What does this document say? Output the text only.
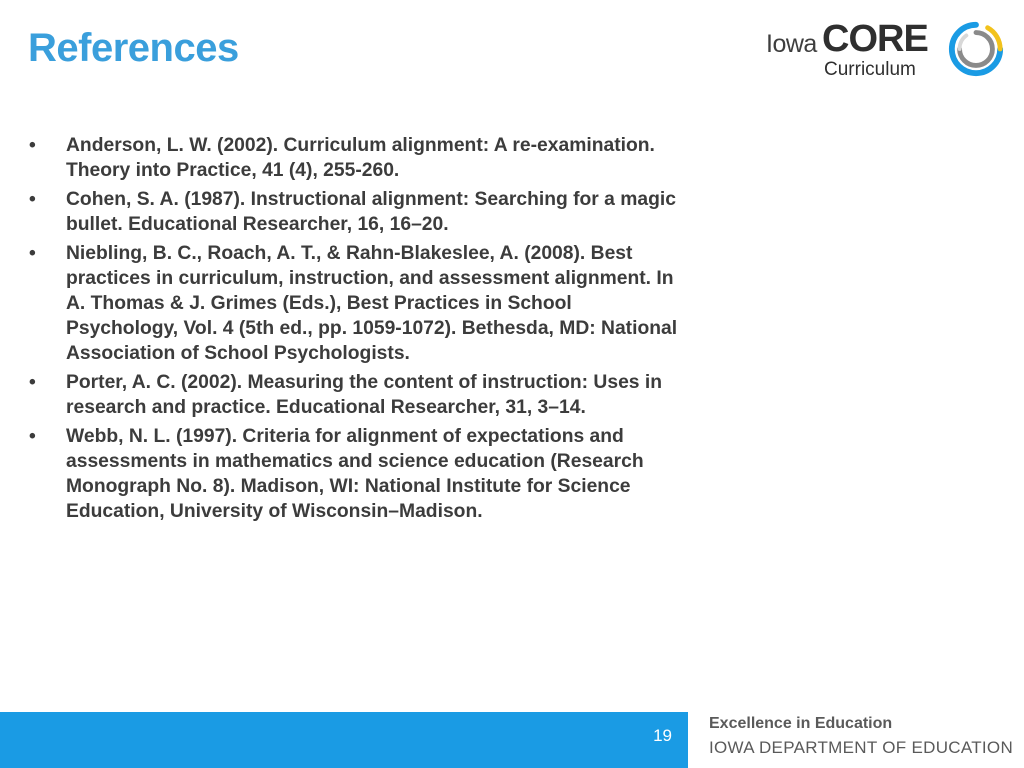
References	Iowa CORE
Curriculum
•	Anderson, L. W. (2002). Curriculum alignment: A re-examination. Theory into Practice, 41 (4), 255-260.
•	Cohen, S. A. (1987). Instructional alignment: Searching for a magic bullet. Educational Researcher, 16, 16–20.
•	Niebling, B. C., Roach, A. T., & Rahn-Blakeslee, A. (2008). Best practices in curriculum, instruction, and assessment alignment. In A. Thomas & J. Grimes (Eds.), Best Practices in School Psychology, Vol. 4 (5th ed., pp. 1059-1072). Bethesda, MD: National Association of School Psychologists.
•	Porter, A. C. (2002). Measuring the content of instruction: Uses in research and practice. Educational Researcher, 31, 3–14.
•	Webb, N. L. (1997). Criteria for alignment of expectations and assessments in mathematics and science education (Research Monograph No. 8). Madison, WI: National Institute for Science Education, University of Wisconsin–Madison.
19
Excellence in Education
IOWA DEPARTMENT OF EDUCATION
